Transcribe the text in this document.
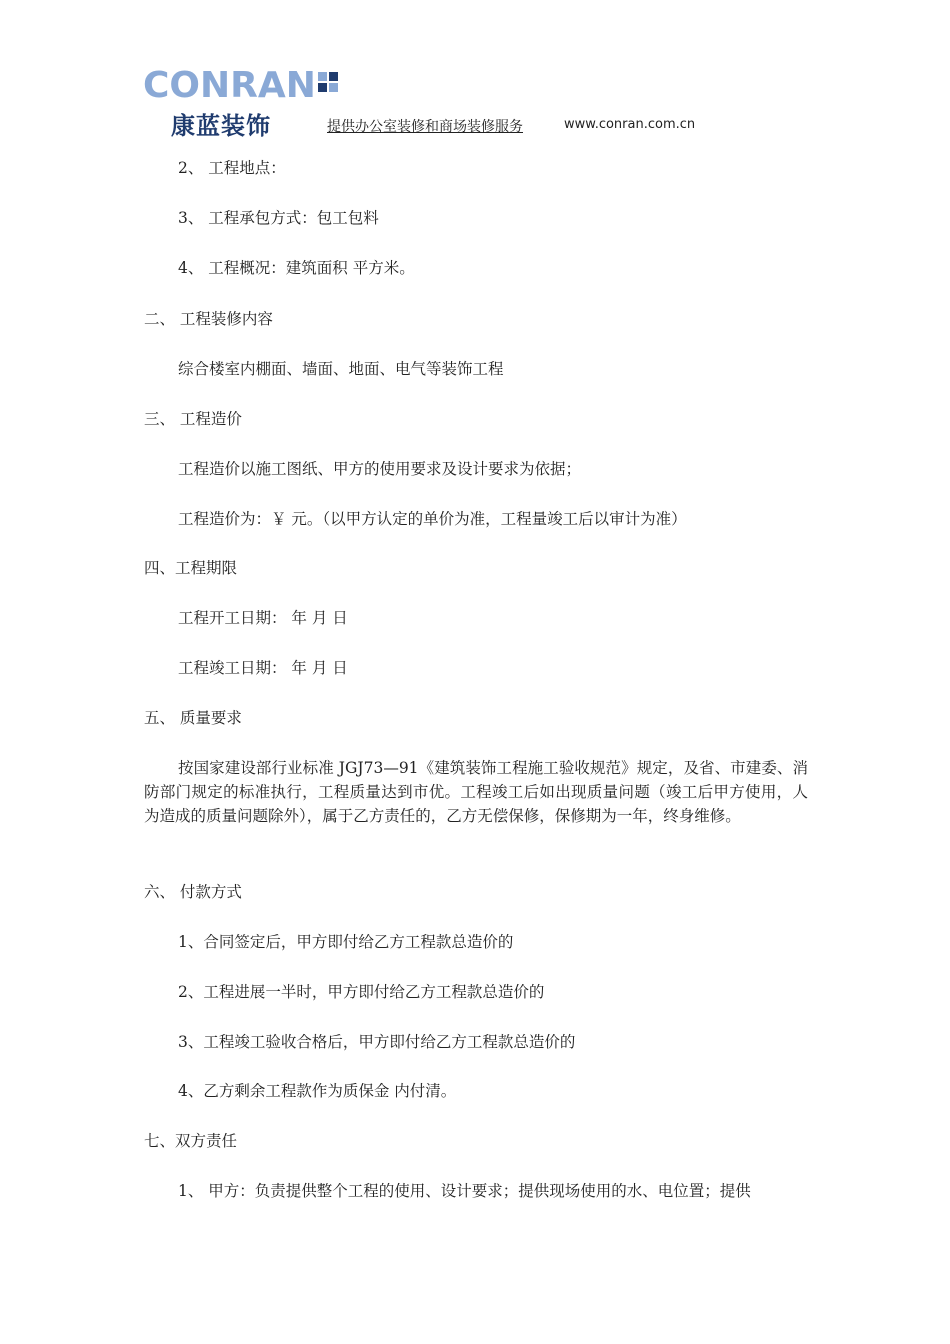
CONRAN
康蓝装饰	提供办公室装修和商场装修服务	www.conran.com.cn
2、 工程地点：
3、 工程承包方式：包工包料
4、 工程概况：建筑面积 平方米。
二、 工程装修内容
综合楼室内棚面、墙面、地面、电气等装饰工程
三、 工程造价
工程造价以施工图纸、甲方的使用要求及设计要求为依据；
工程造价为：￥ 元。（以甲方认定的单价为准，工程量竣工后以审计为准）
四、工程期限
工程开工日期： 年 月 日
工程竣工日期： 年 月 日
五、 质量要求
按国家建设部行业标准 JGJ73—91《建筑装饰工程施工验收规范》规定，及省、市建委、消防部门规定的标准执行，工程质量达到市优。工程竣工后如出现质量问题（竣工后甲方使用，人为造成的质量问题除外），属于乙方责任的，乙方无偿保修，保修期为一年，终身维修。
六、 付款方式
1、合同签定后，甲方即付给乙方工程款总造价的
2、工程进展一半时，甲方即付给乙方工程款总造价的
3、工程竣工验收合格后，甲方即付给乙方工程款总造价的
4、乙方剩余工程款作为质保金 内付清。
七、双方责任
1、 甲方：负责提供整个工程的使用、设计要求；提供现场使用的水、电位置；提供
